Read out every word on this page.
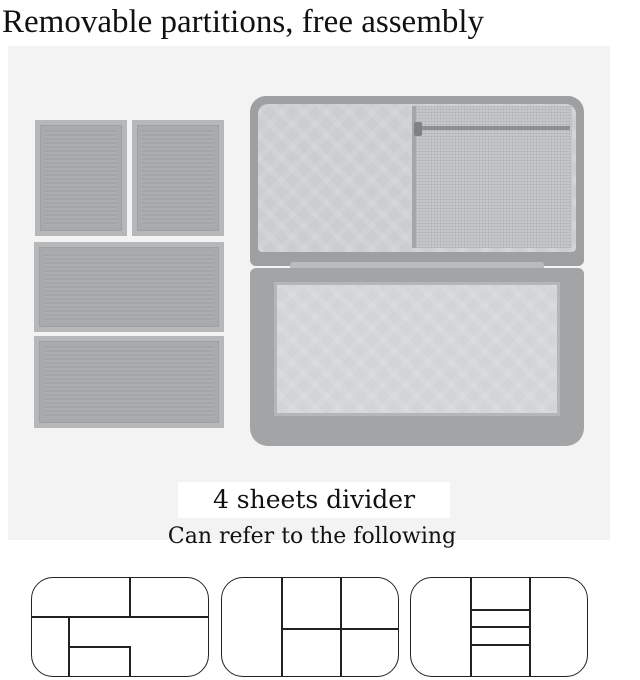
Removable partitions, free assembly
4 sheets divider
Can refer to the following
